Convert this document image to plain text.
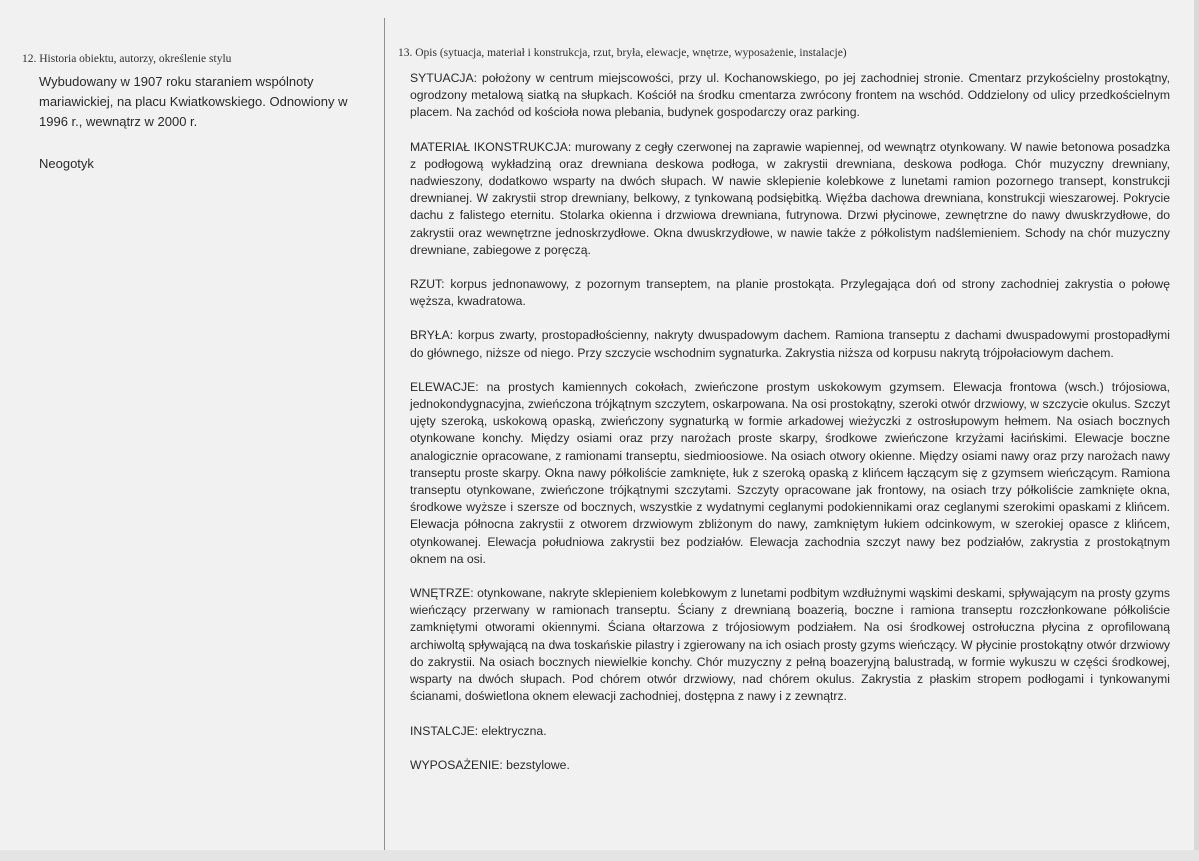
12. Historia obiektu, autorzy, określenie stylu

Wybudowany w 1907 roku staraniem wspólnoty mariawickiej, na placu Kwiatkowskiego. Odnowiony w 1996 r., wewnątrz w 2000 r.

Neogotyk

13. Opis (sytuacja, materiał i konstrukcja, rzut, bryła, elewacje, wnętrze, wyposażenie, instalacje)

SYTUACJA: położony w centrum miejscowości, przy ul. Kochanowskiego, po jej zachodniej stronie. Cmentarz przykościelny prostokątny, ogrodzony metalową siatką na słupkach. Kościół na środku cmentarza zwrócony frontem na wschód. Oddzielony od ulicy przedkościelnym placem. Na zachód od kościoła nowa plebania, budynek gospodarczy oraz parking.

MATERIAŁ IKONSTRUKCJA: murowany z cegły czerwonej na zaprawie wapiennej, od wewnątrz otynkowany. W nawie betonowa posadzka z podłogową wykładziną oraz drewniana deskowa podłoga, w zakrystii drewniana, deskowa podłoga. Chór muzyczny drewniany, nadwieszony, dodatkowo wsparty na dwóch słupach. W nawie sklepienie kolebkowe z lunetami ramion pozornego transept, konstrukcji drewnianej. W zakrystii strop drewniany, belkowy, z tynkowaną podsiębitką. Więźba dachowa drewniana, konstrukcji wieszarowej. Pokrycie dachu z falistego eternitu. Stolarka okienna i drzwiowa drewniana, futrynowa. Drzwi płycinowe, zewnętrzne do nawy dwuskrzydłowe, do zakrystii oraz wewnętrzne jednoskrzydłowe. Okna dwuskrzydłowe, w nawie także z półkolistym nadślemieniem. Schody na chór muzyczny drewniane, zabiegowe z poręczą.

RZUT: korpus jednonawowy, z pozornym transeptem, na planie prostokąta. Przylegająca doń od strony zachodniej zakrystia o połowę węższa, kwadratowa.

BRYŁA: korpus zwarty, prostopadłościenny, nakryty dwuspadowym dachem. Ramiona transeptu z dachami dwuspadowymi prostopadłymi do głównego, niższe od niego. Przy szczycie wschodnim sygnaturka. Zakrystia niższa od korpusu nakrytą trójpołaciowym dachem.

ELEWACJE: na prostych kamiennych cokołach, zwieńczone prostym uskokowym gzymsem. Elewacja frontowa (wsch.) trójosiowa, jednokondygnacyjna, zwieńczona trójkątnym szczytem, oskarpowana. Na osi prostokątny, szeroki otwór drzwiowy, w szczycie okulus. Szczyt ujęty szeroką, uskokową opaską, zwieńczony sygnaturką w formie arkadowej wieżyczki z ostrosłupowym hełmem. Na osiach bocznych otynkowane konchy. Między osiami oraz przy narożach proste skarpy, środkowe zwieńczone krzyżami łacińskimi. Elewacje boczne analogicznie opracowane, z ramionami transeptu, siedmioosiowe. Na osiach otwory okienne. Między osiami nawy oraz przy narożach nawy transeptu proste skarpy. Okna nawy półkoliście zamknięte, łuk z szeroką opaską z klińcem łączącym się z gzymsem wieńczącym. Ramiona transeptu otynkowane, zwieńczone trójkątnymi szczytami. Szczyty opracowane jak frontowy, na osiach trzy półkoliście zamknięte okna, środkowe wyższe i szersze od bocznych, wszystkie z wydatnymi ceglanymi podokiennikami oraz ceglanymi szerokimi opaskami z klińcem. Elewacja północna zakrystii z otworem drzwiowym zbliżonym do nawy, zamkniętym łukiem odcinkowym, w szerokiej opasce z klińcem, otynkowanej. Elewacja południowa zakrystii bez podziałów. Elewacja zachodnia szczyt nawy bez podziałów, zakrystia z prostokątnym oknem na osi.

WNĘTRZE: otynkowane, nakryte sklepieniem kolebkowym z lunetami podbitym wzdłużnymi wąskimi deskami, spływającym na prosty gzyms wieńczący przerwany w ramionach transeptu. Ściany z drewnianą boazerią, boczne i ramiona transeptu rozczłonkowane półkoliście zamkniętymi otworami okiennymi. Ściana ołtarzowa z trójosiowym podziałem. Na osi środkowej ostrołuczna płycina z oprofilowaną archiwoltą spływającą na dwa toskańskie pilastry i zgierowany na ich osiach prosty gzyms wieńczący. W płycinie prostokątny otwór drzwiowy do zakrystii. Na osiach bocznych niewielkie konchy. Chór muzyczny z pełną boazeryjną balustradą, w formie wykuszu w części środkowej, wsparty na dwóch słupach. Pod chórem otwór drzwiowy, nad chórem okulus. Zakrystia z płaskim stropem podłogami i tynkowanymi ścianami, doświetlona oknem elewacji zachodniej, dostępna z nawy i z zewnątrz.

INSTALCJE: elektryczna.

WYPOSAŻENIE: bezstylowe.
